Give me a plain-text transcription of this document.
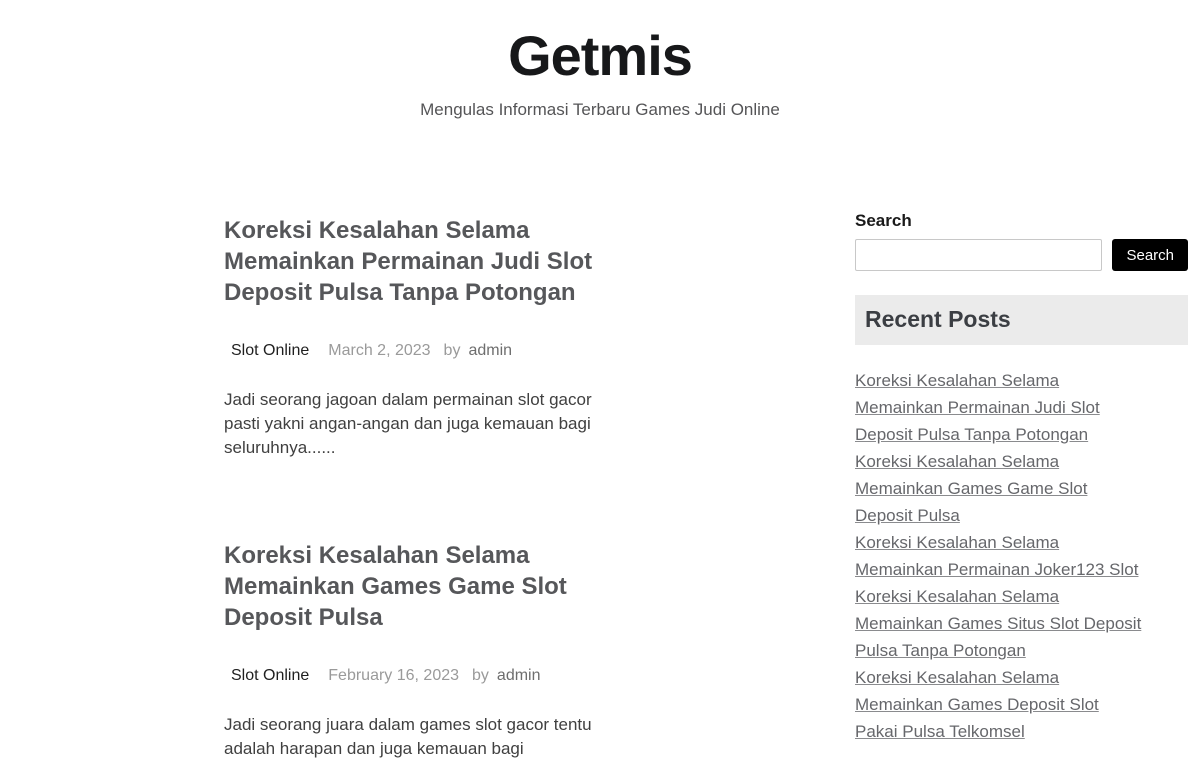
Getmis

Mengulas Informasi Terbaru Games Judi Online

Koreksi Kesalahan Selama Memainkan Permainan Judi Slot Deposit Pulsa Tanpa Potongan
Slot Online March 2, 2023 by admin

Jadi seorang jagoan dalam permainan slot gacor pasti yakni angan-angan dan juga kemauan bagi seluruhnya......

Koreksi Kesalahan Selama Memainkan Games Game Slot Deposit Pulsa
Slot Online February 16, 2023 by admin

Jadi seorang juara dalam games slot gacor tentu adalah harapan dan juga kemauan bagi

Search
Search
Recent Posts
Koreksi Kesalahan Selama Memainkan Permainan Judi Slot Deposit Pulsa Tanpa Potongan
Koreksi Kesalahan Selama Memainkan Games Game Slot Deposit Pulsa
Koreksi Kesalahan Selama Memainkan Permainan Joker123 Slot
Koreksi Kesalahan Selama Memainkan Games Situs Slot Deposit Pulsa Tanpa Potongan
Koreksi Kesalahan Selama Memainkan Games Deposit Slot Pakai Pulsa Telkomsel
